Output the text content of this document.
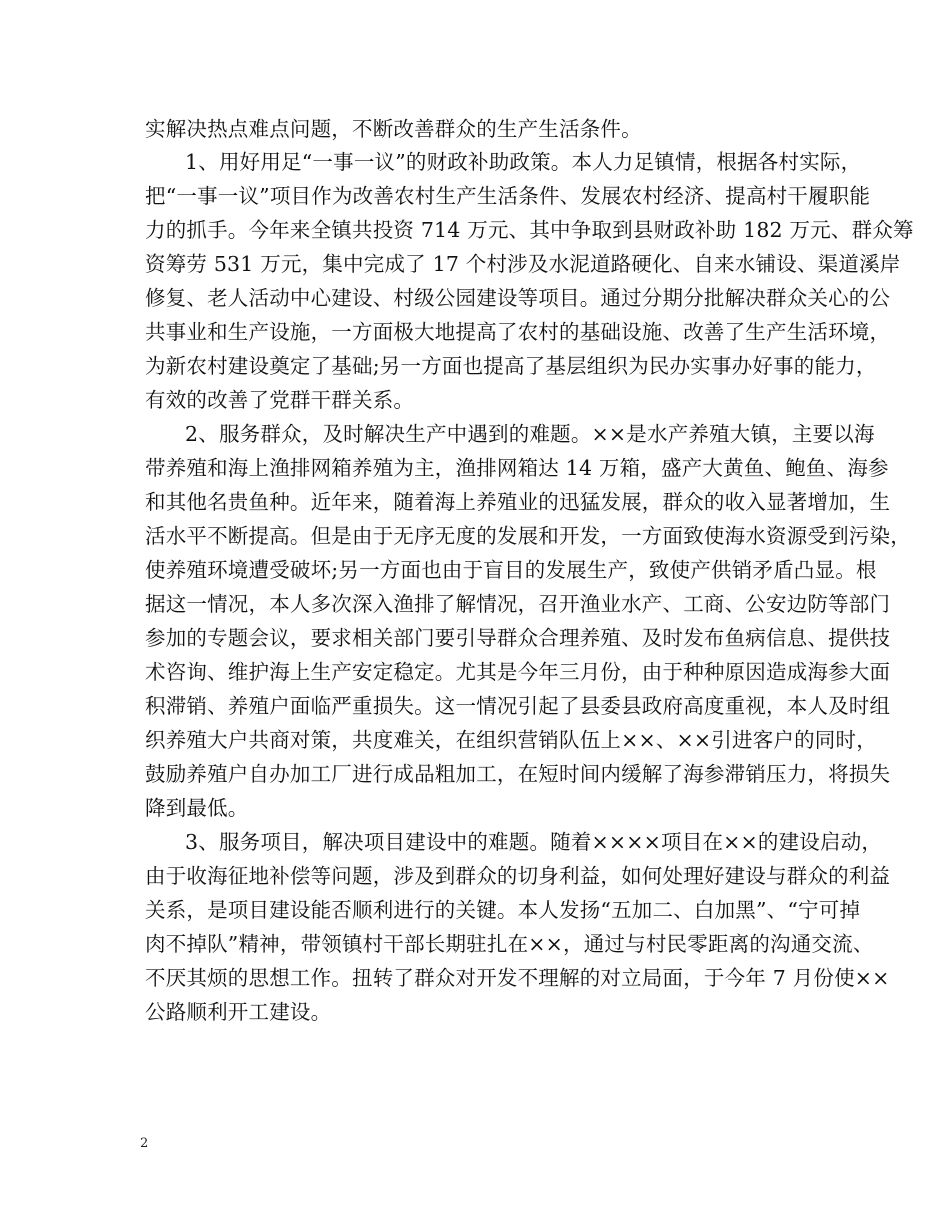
实解决热点难点问题，不断改善群众的生产生活条件。
1、用好用足“一事一议”的财政补助政策。本人力足镇情，根据各村实际，
把“一事一议”项目作为改善农村生产生活条件、发展农村经济、提高村干履职能
力的抓手。今年来全镇共投资 714 万元、其中争取到县财政补助 182 万元、群众筹
资筹劳 531 万元，集中完成了 17 个村涉及水泥道路硬化、自来水铺设、渠道溪岸
修复、老人活动中心建设、村级公园建设等项目。通过分期分批解决群众关心的公
共事业和生产设施，一方面极大地提高了农村的基础设施、改善了生产生活环境，
为新农村建设奠定了基础;另一方面也提高了基层组织为民办实事办好事的能力，
有效的改善了党群干群关系。
2、服务群众，及时解决生产中遇到的难题。××是水产养殖大镇，主要以海
带养殖和海上渔排网箱养殖为主，渔排网箱达 14 万箱，盛产大黄鱼、鲍鱼、海参
和其他名贵鱼种。近年来，随着海上养殖业的迅猛发展，群众的收入显著增加，生
活水平不断提高。但是由于无序无度的发展和开发，一方面致使海水资源受到污染，
使养殖环境遭受破坏;另一方面也由于盲目的发展生产，致使产供销矛盾凸显。根
据这一情况，本人多次深入渔排了解情况，召开渔业水产、工商、公安边防等部门
参加的专题会议，要求相关部门要引导群众合理养殖、及时发布鱼病信息、提供技
术咨询、维护海上生产安定稳定。尤其是今年三月份，由于种种原因造成海参大面
积滞销、养殖户面临严重损失。这一情况引起了县委县政府高度重视，本人及时组
织养殖大户共商对策，共度难关，在组织营销队伍上××、××引进客户的同时，
鼓励养殖户自办加工厂进行成品粗加工，在短时间内缓解了海参滞销压力，将损失
降到最低。
3、服务项目，解决项目建设中的难题。随着××××项目在××的建设启动，
由于收海征地补偿等问题，涉及到群众的切身利益，如何处理好建设与群众的利益
关系，是项目建设能否顺利进行的关键。本人发扬“五加二、白加黑”、“宁可掉
肉不掉队”精神，带领镇村干部长期驻扎在××，通过与村民零距离的沟通交流、
不厌其烦的思想工作。扭转了群众对开发不理解的对立局面，于今年 7 月份使××
公路顺利开工建设。
2
